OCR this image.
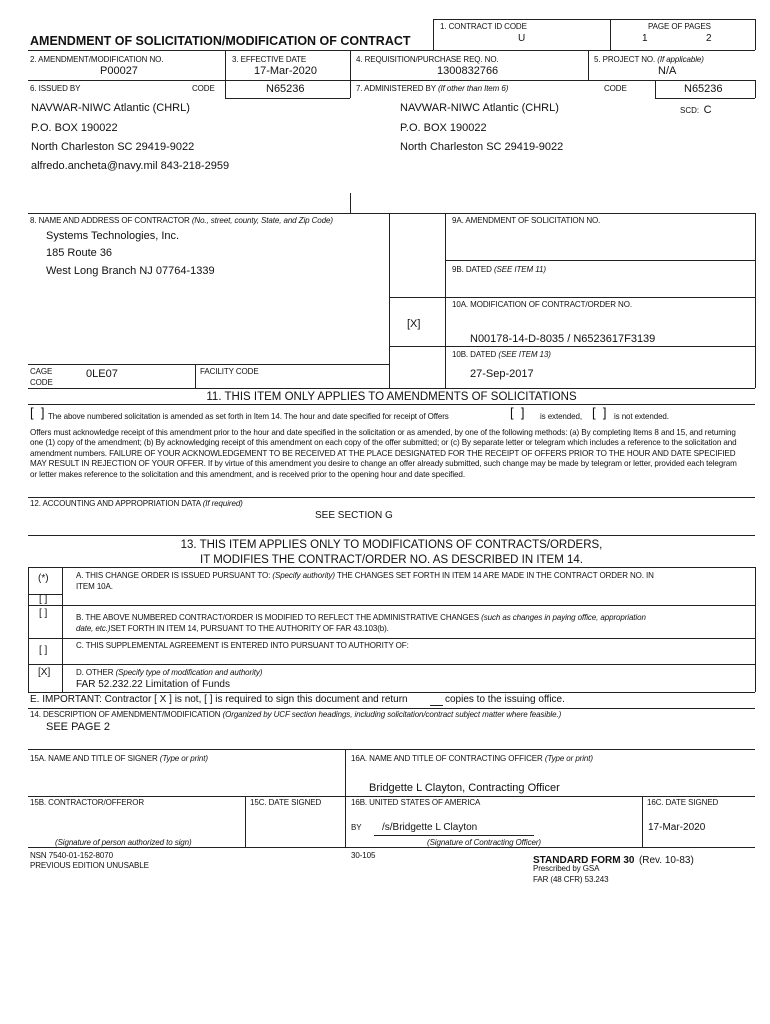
AMENDMENT OF SOLICITATION/MODIFICATION OF CONTRACT
1. CONTRACT ID CODE
U
PAGE OF PAGES
1	2
2. AMENDMENT/MODIFICATION NO.
P00027
3. EFFECTIVE DATE
17-Mar-2020
4. REQUISITION/PURCHASE REQ. NO.
1300832766
5. PROJECT NO. (If applicable)
N/A
6. ISSUED BY	CODE	N65236	7. ADMINISTERED BY (If other than Item 6)	CODE	N65236
SCD: C
NAVWAR-NIWC Atlantic (CHRL)
P.O. BOX 190022
North Charleston SC 29419-9022
alfredo.ancheta@navy.mil 843-218-2959
NAVWAR-NIWC Atlantic (CHRL)
P.O. BOX 190022
North Charleston SC 29419-9022
8. NAME AND ADDRESS OF CONTRACTOR (No., street, county, State, and Zip Code)
Systems Technologies, Inc.
185 Route 36
West Long Branch NJ 07764-1339
CAGE
CODE
0LE07	FACILITY CODE
9A. AMENDMENT OF SOLICITATION NO.
9B. DATED (SEE ITEM 11)
10A. MODIFICATION OF CONTRACT/ORDER NO.
[X]
N00178-14-D-8035 / N6523617F3139
10B. DATED (SEE ITEM 13)
27-Sep-2017
11. THIS ITEM ONLY APPLIES TO AMENDMENTS OF SOLICITATIONS
[  ] The above numbered solicitation is amended as set forth in Item 14. The hour and date specified for receipt of Offers	[  ] is extended, [  ] is not extended.
Offers must acknowledge receipt of this amendment prior to the hour and date specified in the solicitation or as amended, by one of the following methods: (a) By completing Items 8 and 15, and returning one (1) copy of the amendment; (b) By acknowledging receipt of this amendment on each copy of the offer submitted; or (c) By separate letter or telegram which includes a reference to the solicitation and amendment numbers. FAILURE OF YOUR ACKNOWLEDGEMENT TO BE RECEIVED AT THE PLACE DESIGNATED FOR THE RECEIPT OF OFFERS PRIOR TO THE HOUR AND DATE SPECIFIED MAY RESULT IN REJECTION OF YOUR OFFER. If by virtue of this amendment you desire to change an offer already submitted, such change may be made by telegram or letter, provided each telegram or letter makes reference to the solicitation and this amendment, and is received prior to the opening hour and date specified.
12. ACCOUNTING AND APPROPRIATION DATA (If required)
SEE SECTION G
13. THIS ITEM APPLIES ONLY TO MODIFICATIONS OF CONTRACTS/ORDERS,
IT MODIFIES THE CONTRACT/ORDER NO. AS DESCRIBED IN ITEM 14.
(*)	A. THIS CHANGE ORDER IS ISSUED PURSUANT TO: (Specify authority) THE CHANGES SET FORTH IN ITEM 14 ARE MADE IN THE CONTRACT ORDER NO. IN
ITEM 10A.
[ ]
[ ]	B. THE ABOVE NUMBERED CONTRACT/ORDER IS MODIFIED TO REFLECT THE ADMINISTRATIVE CHANGES (such as changes in paying office, appropriation
date, etc.)SET FORTH IN ITEM 14, PURSUANT TO THE AUTHORITY OF FAR 43.103(b).
[ ]	C. THIS SUPPLEMENTAL AGREEMENT IS ENTERED INTO PURSUANT TO AUTHORITY OF:
[X]	D. OTHER (Specify type of modification and authority)
FAR 52.232.22 Limitation of Funds
E. IMPORTANT: Contractor [ X ] is not, [ ] is required to sign this document and return	copies to the issuing office.
14. DESCRIPTION OF AMENDMENT/MODIFICATION (Organized by UCF section headings, including solicitation/contract subject matter where feasible.)
SEE PAGE 2
15A. NAME AND TITLE OF SIGNER (Type or print)	16A. NAME AND TITLE OF CONTRACTING OFFICER (Type or print)
Bridgette L Clayton, Contracting Officer
15B. CONTRACTOR/OFFEROR	15C. DATE SIGNED	16B. UNITED STATES OF AMERICA	16C. DATE SIGNED
BY /s/Bridgette L Clayton	17-Mar-2020
(Signature of person authorized to sign)	(Signature of Contracting Officer)
NSN 7540-01-152-8070
PREVIOUS EDITION UNUSABLE
30-105	STANDARD FORM 30 (Rev. 10-83)
Prescribed by GSA
FAR (48 CFR) 53.243
